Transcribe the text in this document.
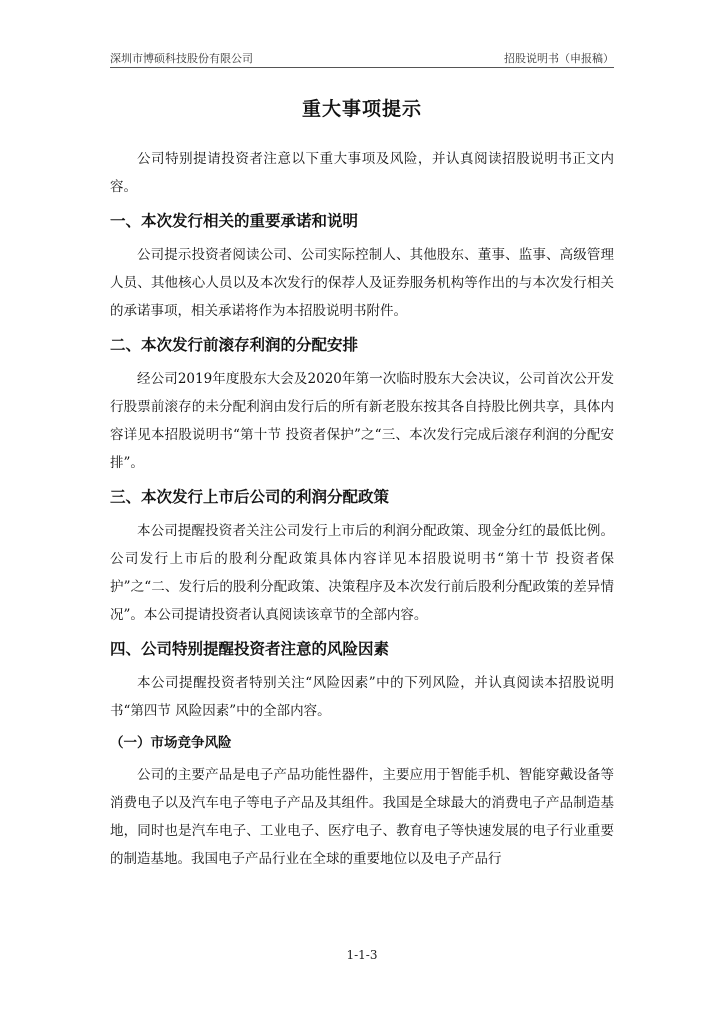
深圳市博硕科技股份有限公司	招股说明书（申报稿）
重大事项提示

公司特别提请投资者注意以下重大事项及风险，并认真阅读招股说明书正文内容。

一、本次发行相关的重要承诺和说明

公司提示投资者阅读公司、公司实际控制人、其他股东、董事、监事、高级管理人员、其他核心人员以及本次发行的保荐人及证券服务机构等作出的与本次发行相关的承诺事项，相关承诺将作为本招股说明书附件。

二、本次发行前滚存利润的分配安排

经公司2019年度股东大会及2020年第一次临时股东大会决议，公司首次公开发行股票前滚存的未分配利润由发行后的所有新老股东按其各自持股比例共享，具体内容详见本招股说明书“第十节 投资者保护”之“三、本次发行完成后滚存利润的分配安排”。

三、本次发行上市后公司的利润分配政策

本公司提醒投资者关注公司发行上市后的利润分配政策、现金分红的最低比例。公司发行上市后的股利分配政策具体内容详见本招股说明书“第十节 投资者保护”之“二、发行后的股利分配政策、决策程序及本次发行前后股利分配政策的差异情况”。本公司提请投资者认真阅读该章节的全部内容。

四、公司特别提醒投资者注意的风险因素

本公司提醒投资者特别关注“风险因素”中的下列风险，并认真阅读本招股说明书“第四节 风险因素”中的全部内容。

（一）市场竞争风险

公司的主要产品是电子产品功能性器件，主要应用于智能手机、智能穿戴设备等消费电子以及汽车电子等电子产品及其组件。我国是全球最大的消费电子产品制造基地，同时也是汽车电子、工业电子、医疗电子、教育电子等快速发展的电子行业重要的制造基地。我国电子产品行业在全球的重要地位以及电子产品行

1-1-3
